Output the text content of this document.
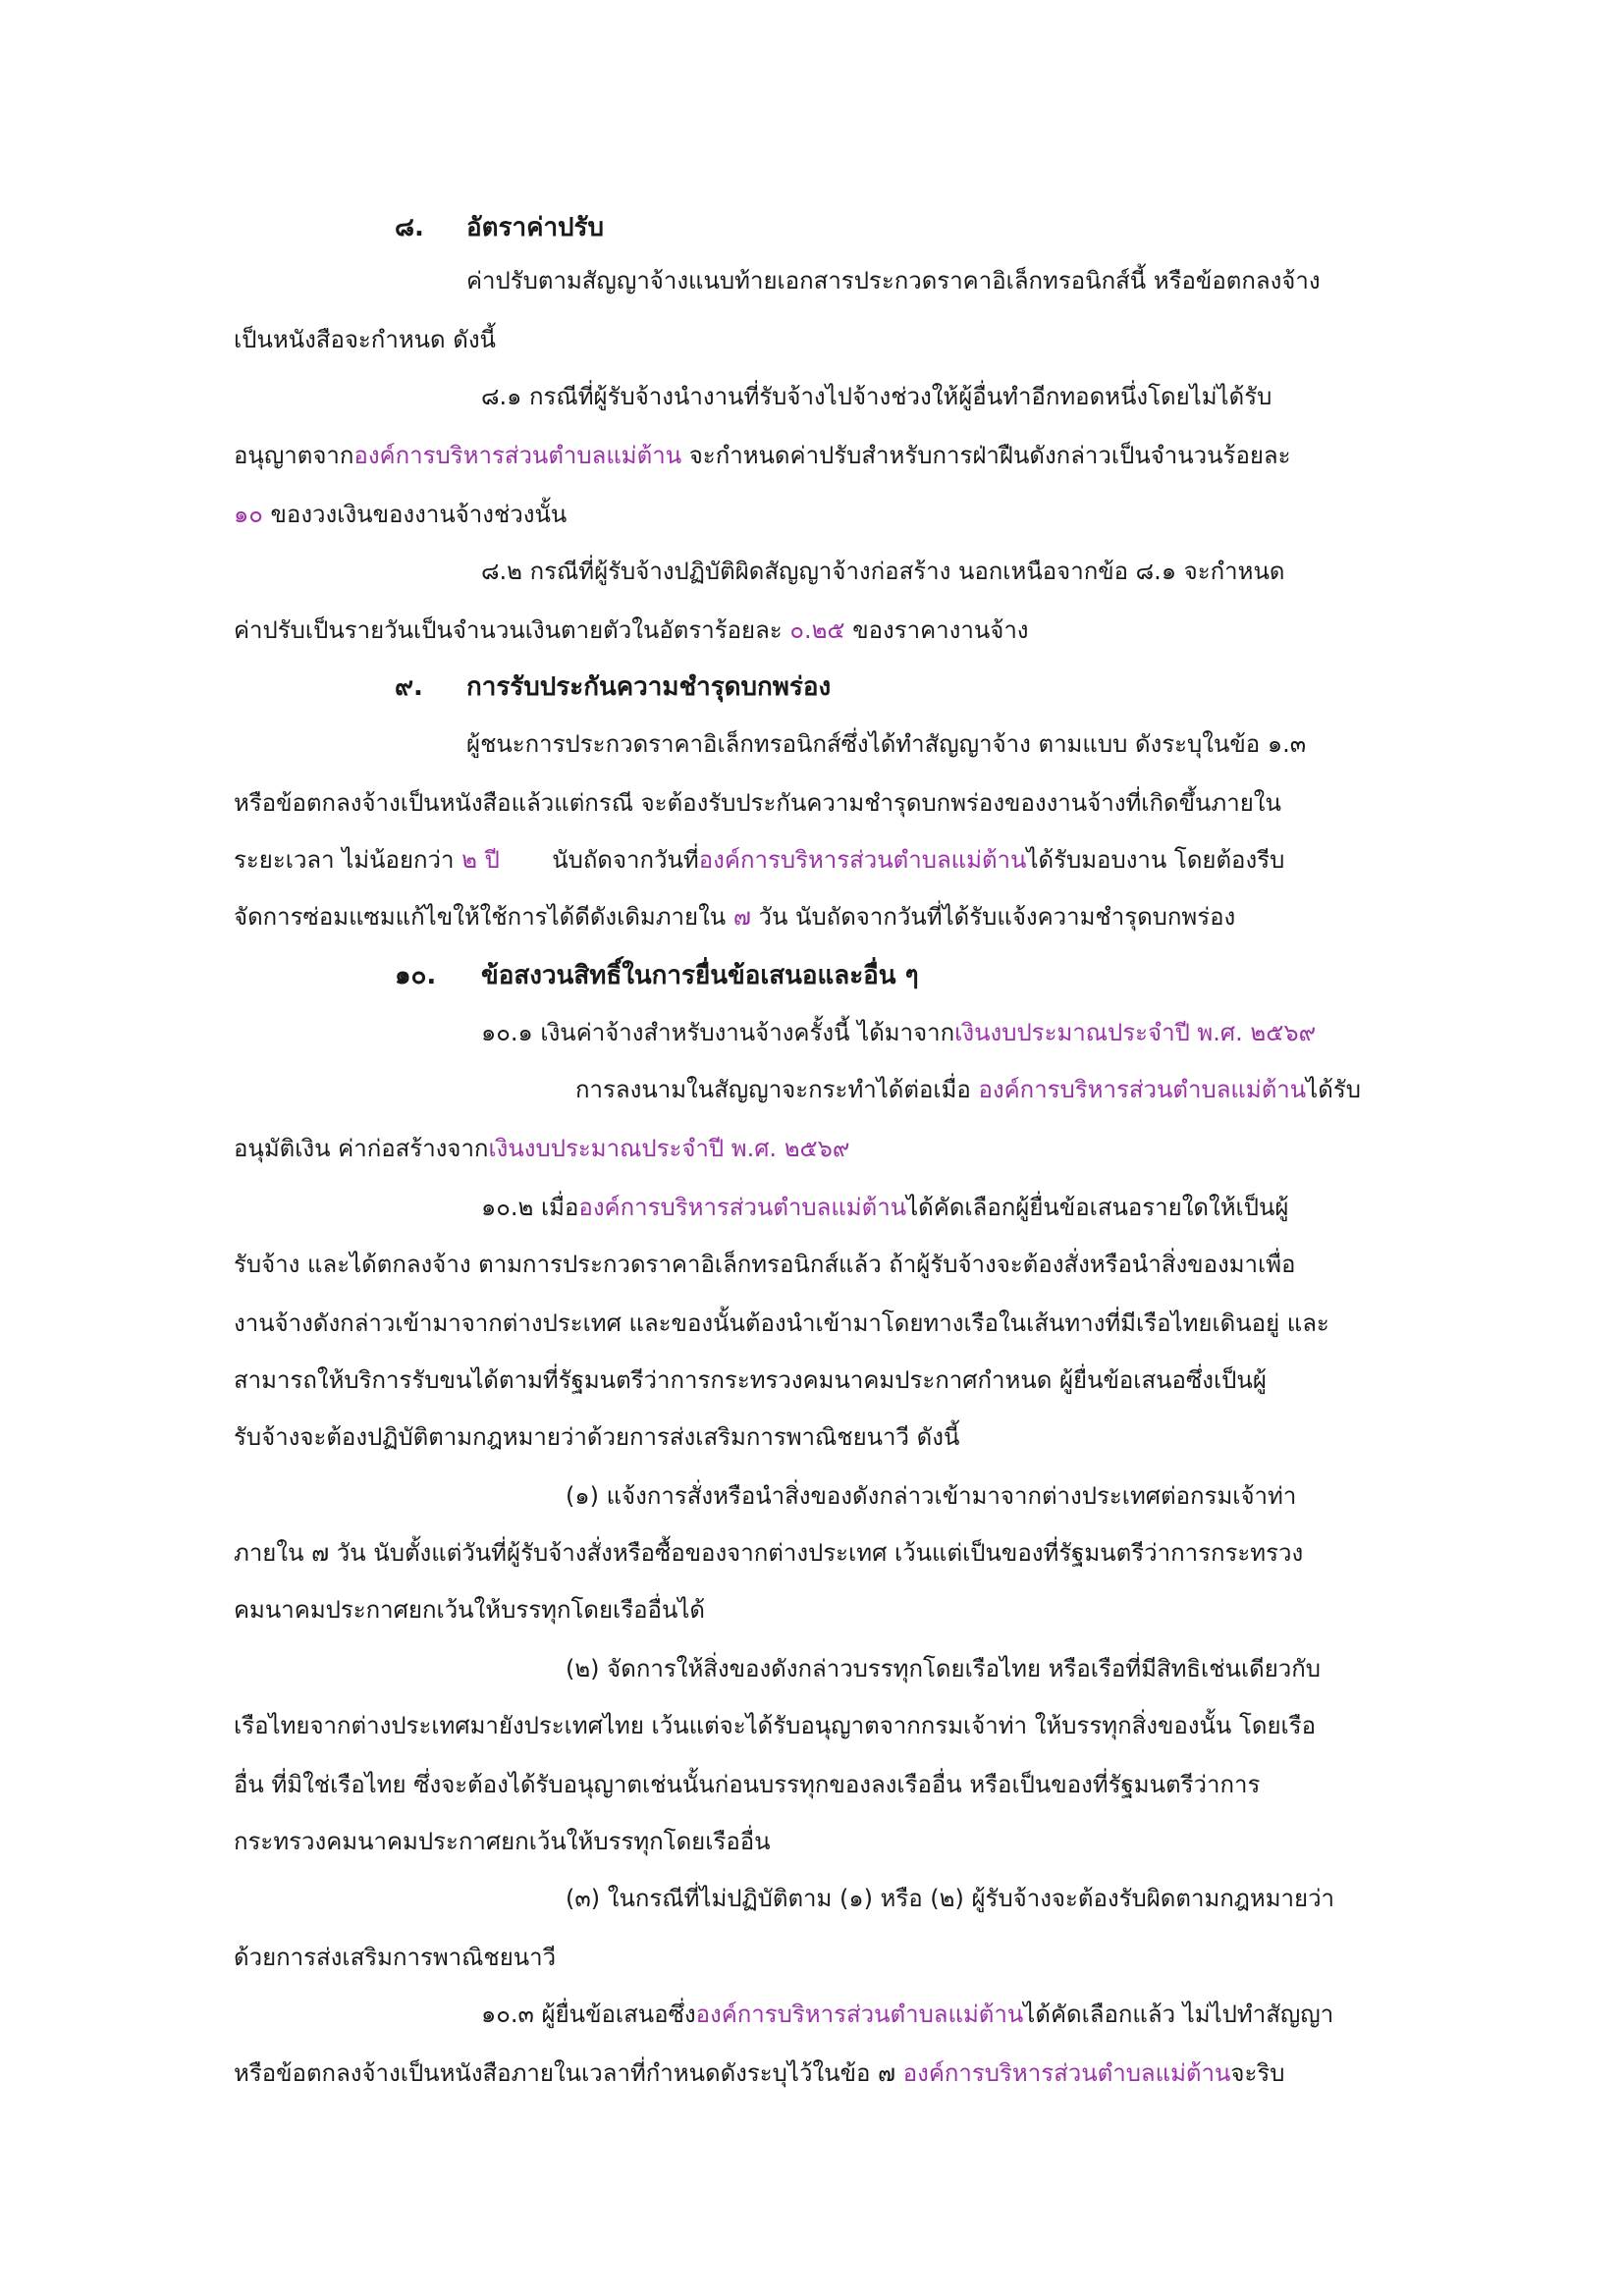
๘. อัตราค่าปรับ
ค่าปรับตามสัญญาจ้างแนบท้ายเอกสารประกวดราคาอิเล็กทรอนิกส์นี้ หรือข้อตกลงจ้าง
เป็นหนังสือจะกำหนด ดังนี้
๘.๑ กรณีที่ผู้รับจ้างนำงานที่รับจ้างไปจ้างช่วงให้ผู้อื่นทำอีกทอดหนึ่งโดยไม่ได้รับ
อนุญาตจากองค์การบริหารส่วนตำบลแม่ต้าน จะกำหนดค่าปรับสำหรับการฝ่าฝืนดังกล่าวเป็นจำนวนร้อยละ
๑๐ ของวงเงินของงานจ้างช่วงนั้น
๘.๒ กรณีที่ผู้รับจ้างปฏิบัติผิดสัญญาจ้างก่อสร้าง นอกเหนือจากข้อ ๘.๑ จะกำหนด
ค่าปรับเป็นรายวันเป็นจำนวนเงินตายตัวในอัตราร้อยละ ๐.๒๕ ของราคางานจ้าง
๙. การรับประกันความชำรุดบกพร่อง
ผู้ชนะการประกวดราคาอิเล็กทรอนิกส์ซึ่งได้ทำสัญญาจ้าง ตามแบบ ดังระบุในข้อ ๑.๓
หรือข้อตกลงจ้างเป็นหนังสือแล้วแต่กรณี จะต้องรับประกันความชำรุดบกพร่องของงานจ้างที่เกิดขึ้นภายใน
ระยะเวลา ไม่น้อยกว่า ๒ ปี       นับถัดจากวันที่องค์การบริหารส่วนตำบลแม่ต้านได้รับมอบงาน โดยต้องรีบ
จัดการซ่อมแซมแก้ไขให้ใช้การได้ดีดังเดิมภายใน ๗ วัน นับถัดจากวันที่ได้รับแจ้งความชำรุดบกพร่อง
๑๐. ข้อสงวนสิทธิ์ในการยื่นข้อเสนอและอื่น ๆ
๑๐.๑ เงินค่าจ้างสำหรับงานจ้างครั้งนี้ ได้มาจากเงินงบประมาณประจำปี พ.ศ. ๒๕๖๙
การลงนามในสัญญาจะกระทำได้ต่อเมื่อ องค์การบริหารส่วนตำบลแม่ต้านได้รับ
อนุมัติเงิน ค่าก่อสร้างจากเงินงบประมาณประจำปี พ.ศ. ๒๕๖๙
๑๐.๒ เมื่อองค์การบริหารส่วนตำบลแม่ต้านได้คัดเลือกผู้ยื่นข้อเสนอรายใดให้เป็นผู้
รับจ้าง และได้ตกลงจ้าง ตามการประกวดราคาอิเล็กทรอนิกส์แล้ว ถ้าผู้รับจ้างจะต้องสั่งหรือนำสิ่งของมาเพื่อ
งานจ้างดังกล่าวเข้ามาจากต่างประเทศ และของนั้นต้องนำเข้ามาโดยทางเรือในเส้นทางที่มีเรือไทยเดินอยู่ และ
สามารถให้บริการรับขนได้ตามที่รัฐมนตรีว่าการกระทรวงคมนาคมประกาศกำหนด ผู้ยื่นข้อเสนอซึ่งเป็นผู้
รับจ้างจะต้องปฏิบัติตามกฎหมายว่าด้วยการส่งเสริมการพาณิชยนาวี ดังนี้
(๑) แจ้งการสั่งหรือนำสิ่งของดังกล่าวเข้ามาจากต่างประเทศต่อกรมเจ้าท่า
ภายใน ๗ วัน นับตั้งแต่วันที่ผู้รับจ้างสั่งหรือซื้อของจากต่างประเทศ เว้นแต่เป็นของที่รัฐมนตรีว่าการกระทรวง
คมนาคมประกาศยกเว้นให้บรรทุกโดยเรืออื่นได้
(๒) จัดการให้สิ่งของดังกล่าวบรรทุกโดยเรือไทย หรือเรือที่มีสิทธิเช่นเดียวกับ
เรือไทยจากต่างประเทศมายังประเทศไทย เว้นแต่จะได้รับอนุญาตจากกรมเจ้าท่า ให้บรรทุกสิ่งของนั้น โดยเรือ
อื่น ที่มิใช่เรือไทย ซึ่งจะต้องได้รับอนุญาตเช่นนั้นก่อนบรรทุกของลงเรืออื่น หรือเป็นของที่รัฐมนตรีว่าการ
กระทรวงคมนาคมประกาศยกเว้นให้บรรทุกโดยเรืออื่น
(๓) ในกรณีที่ไม่ปฏิบัติตาม (๑) หรือ (๒) ผู้รับจ้างจะต้องรับผิดตามกฎหมายว่า
ด้วยการส่งเสริมการพาณิชยนาวี
๑๐.๓ ผู้ยื่นข้อเสนอซึ่งองค์การบริหารส่วนตำบลแม่ต้านได้คัดเลือกแล้ว ไม่ไปทำสัญญา
หรือข้อตกลงจ้างเป็นหนังสือภายในเวลาที่กำหนดดังระบุไว้ในข้อ ๗ องค์การบริหารส่วนตำบลแม่ต้านจะริบ
